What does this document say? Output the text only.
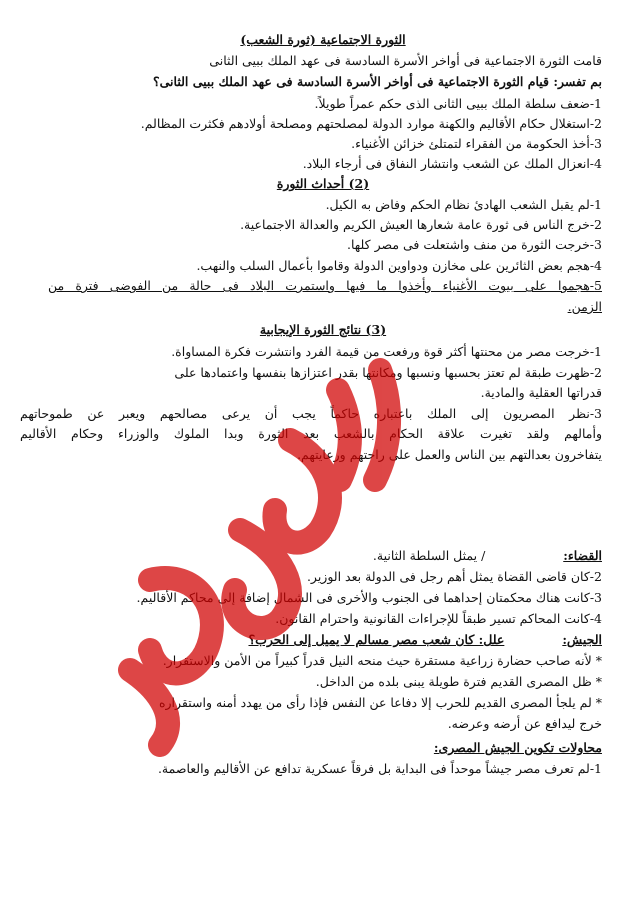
الثورة الاجتماعية (ثورة الشعب)
قامت الثورة الاجتماعية فى أواخر الأسرة السادسة فى عهد الملك ببيى الثانى
بم تفسر: قيام الثورة الاجتماعية فى أواخر الأسرة السادسة فى عهد الملك ببيى الثانى؟
1-ضعف سلطة الملك ببيى الثانى الذى حكم عمراً طويلاً.
2-استغلال حكام الأقاليم والكهنة موارد الدولة لمصلحتهم ومصلحة أولادهم فكثرت المظالم.
3-أخذ الحكومة من الفقراء لتمتلئ خزائن الأغنياء.
4-انعزال الملك عن الشعب وانتشار النفاق فى أرجاء البلاد.
(2) أحداث الثورة
1-لم يقبل الشعب الهادئ نظام الحكم وفاض به الكيل.
2-خرج الناس فى ثورة عامة شعارها العيش الكريم والعدالة الاجتماعية.
3-خرجت الثورة من منف واشتعلت فى مصر كلها.
4-هجم بعض الثائرين على مخازن ودواوين الدولة وقاموا بأعمال السلب والنهب.
5-هجموا على بيوت الأغنياء وأخذوا ما فيها واستمرت البلاد فى حالة من الفوضى فترة من
الزمن.
(3) نتائج الثورة الإيجابية
1-خرجت مصر من محنتها أكثر قوة ورفعت من قيمة الفرد وانتشرت فكرة المساواة.
2-ظهرت طبقة لم تعتز بحسبها ونسبها ومكانتها بقدر اعتزازها بنفسها واعتمادها على
قدراتها العقلية والمادية.
3-نظر المصريون إلى الملك باعتباره حاكماً يجب أن يرعى مصالحهم ويعبر عن طموحاتهم
وأمالهم ولقد تغيرت علاقة الحكام بالشعب بعد الثورة وبدا الملوك والوزراء وحكام الأقاليم
يتفاخرون بعدالتهم بين الناس والعمل على راحتهم ورعايتهم.
القضاء:  / يمثل السلطة الثانية.
2-كان قاضى القضاة يمثل أهم رجل فى الدولة بعد الوزير.
3-كانت هناك محكمتان إحداهما فى الجنوب والأخرى فى الشمال إضافة إلى محاكم الأقاليم.
4-كانت المحاكم تسير طبقاً للإجراءات القانونية واحترام القانون.
الجيش:  علل: كان شعب مصر مسالم لا يميل إلى الحرب؟
* لأنه صاحب حضارة زراعية مستقرة حيث منحه النيل قدراً كبيراً من الأمن والاستقرار.
* ظل المصرى القديم فترة طويلة يبنى بلده من الداخل.
* لم يلجأ المصرى القديم للحرب إلا دفاعا عن النفس فإذا رأى من يهدد أمنه واستقراره
خرج ليدافع عن أرضه وعرضه.
محاولات تكوين الجيش المصرى:
1-لم تعرف مصر جيشاً موحداً فى البداية بل فرقاً عسكرية تدافع عن الأقاليم والعاصمة.
